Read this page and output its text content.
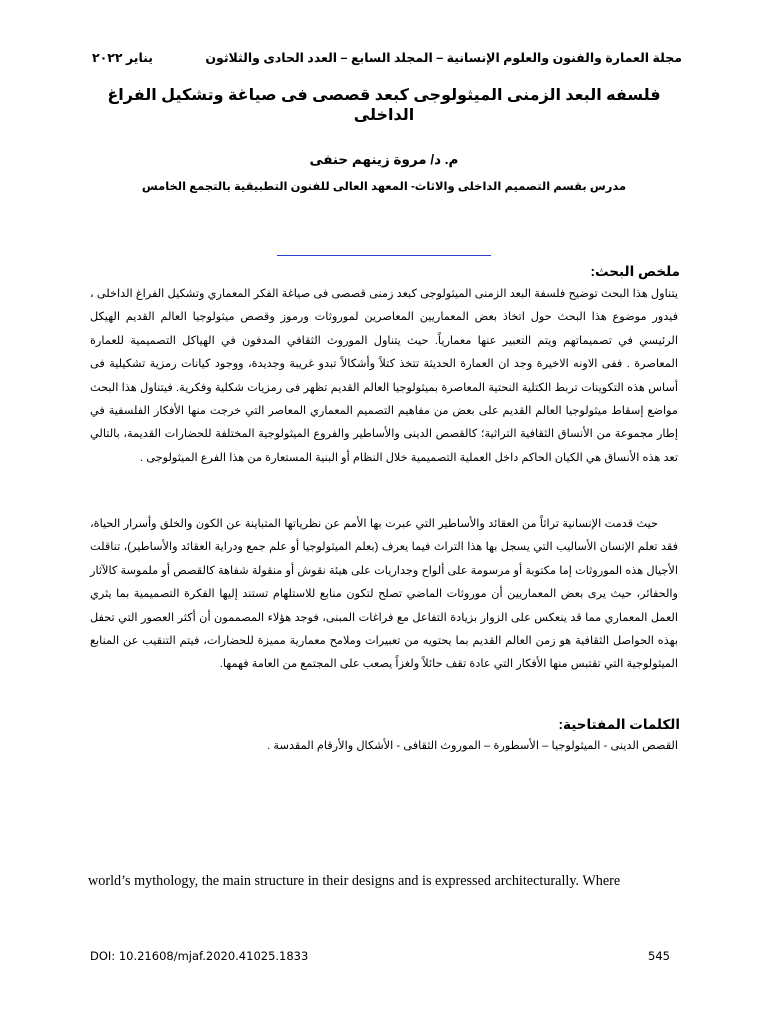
مجلة العمارة والفنون والعلوم الإنسانية – المجلد السابع – العدد الحادى والثلاثون
يناير ٢٠٢٢
فلسفه البعد الزمنى الميثولوجى كبعد قصصى فى صياغة وتشكيل الفراغ الداخلى
م. د/ مروة زينهم حنفى
مدرس بقسم التصميم الداخلى والاثاث- المعهد العالى للفنون التطبيقية بالتجمع الخامس
ملخص البحث:
يتناول هذا البحث توضيح فلسفة البعد الزمنى الميثولوجى كبعد زمنى قصصى فى صياغة الفكر المعماري وتشكيل الفراغ الداخلى ، فيدور موضوع هذا البحث حول اتخاذ بعض المعماريين المعاصرين لموروثات ورموز وقصص ميثولوجيا العالم القديم الهيكل الرئيسي في تصميماتهم ويتم التعبير عنها معمارياً. حيث يتناول الموروث الثقافي المدفون في الهياكل التصميمية للعمارة المعاصرة . ففى الاونه الاخيرة وجد ان العمارة الحديثة تتخذ كتلاً وأشكالاً تبدو غريبة وجديدة، ووجود كيانات رمزية تشكيلية فى أساس هذه التكوينات تربط الكتلية النحتية المعاصرة بميثولوجيا العالم القديم تظهر فى رمزيات شكلية وفكرية. فيتناول هذا البحث مواضع إسقاط ميثولوجيا العالم القديم على بعض من مفاهيم التصميم المعماري المعاصر التي خرجت منها الأفكار الفلسفية في إطار مجموعة من الأنساق الثقافية التراثية؛ كالقصص الدينى والأساطير والفروع الميثولوجية المختلفة للحضارات القديمة، بالتالي تعد هذه الأنساق هي الكيان الحاكم داخل العملية التصميمية خلال النظام أو البنية المستعارة من هذا الفرع الميثولوجى .
حيث قدمت الإنسانية تراثاً من العقائد والأساطير التي عبرت بها الأمم عن نظرياتها المتباينة عن الكون والخلق وأسرار الحياة، فقد تعلم الإنسان الأساليب التي يسجل بها هذا التراث فيما يعرف (بعلم الميثولوجيا أو علم جمع ودراية العقائد والأساطير)، تناقلت الأجيال هذه الموروثات إما مكتوبة أو مرسومة على ألواح وجداريات على هيئة نقوش أو منقولة شفاهة كالقصص أو ملموسة كالآثار والحفائر، حيث يرى بعض المعماريين أن موروثات الماضي تصلح لتكون منابع للاستلهام تستند إليها الفكرة التصميمية بما يثري العمل المعماري مما قد ينعكس على الزوار بزيادة التفاعل مع فراغات المبنى، فوجد هؤلاء المصممون أن أكثر العصور التي تحفل بهذه الحواصل الثقافية هو زمن العالم القديم بما يحتويه من تعبيرات وملامح معمارية مميزة للحضارات، فيتم التنقيب عن المنابع الميثولوجية التي تقتبس منها الأفكار التي عادة تقف حائلاً ولغزاً يصعب على المجتمع من العامة فهمها.
الكلمات المفتاحية:
القصص الدينى - الميثولوجيا – الأسطورة – الموروث الثقافى - الأشكال والأرقام المقدسة .
world’s mythology, the main structure in their designs and is expressed architecturally. Where
DOI: 10.21608/mjaf.2020.41025.1833	545
